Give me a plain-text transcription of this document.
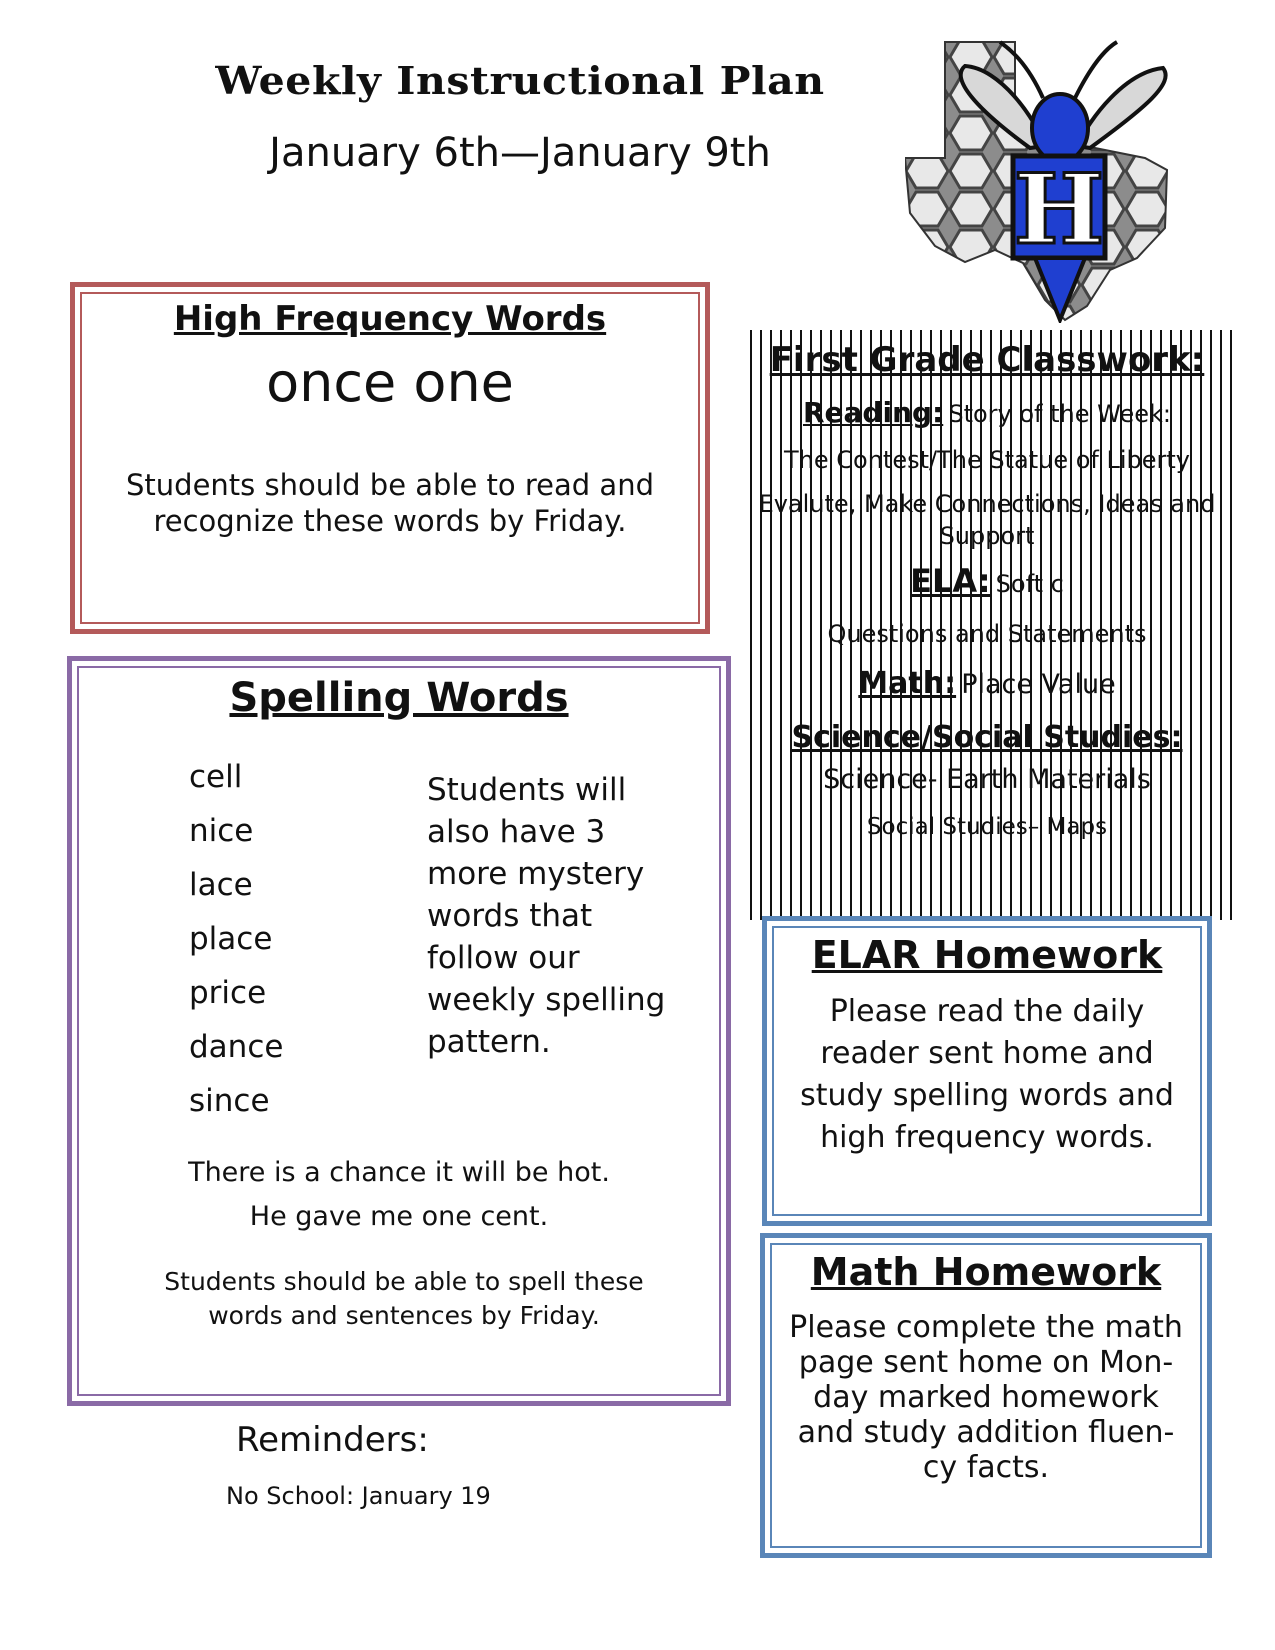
Weekly Instructional Plan
January 6th—January 9th	H
High Frequency Words
once one
Students should be able to read and recognize these words by Friday.
Spelling Words
cell
nice
lace
place
price
dance
since
Students will also have 3 more mystery words that follow our weekly spelling pattern.
There is a chance it will be hot.
He gave me one cent.
Students should be able to spell these words and sentences by Friday.
Reminders:
No School: January 19
First Grade Classwork:
Reading: Story of the Week:
The Contest/The Statue of Liberty
Evalute, Make Connections, Ideas and Support
ELA: Soft c
Questions and Statements
Math: Place Value
Science/Social Studies:
Science- Earth Materials
Social Studies– Maps
ELAR Homework
Please read the daily reader sent home and study spelling words and high frequency words.
Math Homework
Please complete the math page sent home on Mon-day marked homework and study addition fluen-cy facts.
